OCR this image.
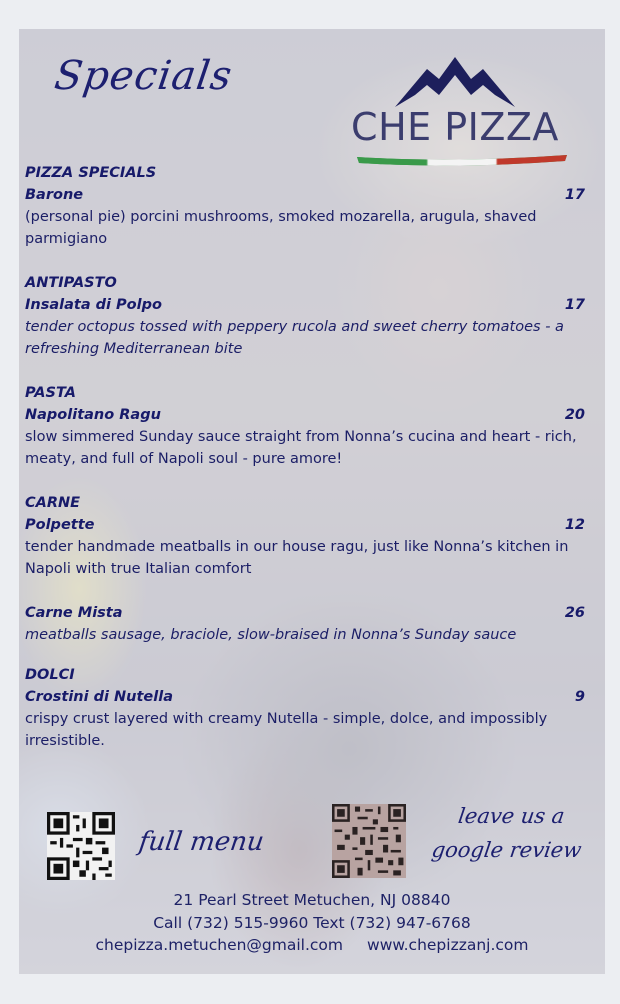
Specials
CHE PIZZA
PIZZA SPECIALS
Barone	17
(personal pie) porcini mushrooms, smoked mozarella, arugula, shaved parmigiano
ANTIPASTO
Insalata di Polpo	17
tender octopus tossed with peppery rucola and sweet cherry tomatoes - a refreshing Mediterranean bite
PASTA
Napolitano Ragu	20
slow simmered Sunday sauce straight from Nonna’s cucina and heart - rich, meaty, and full of Napoli soul - pure amore!
CARNE
Polpette	12
tender handmade meatballs in our house ragu, just like Nonna’s kitchen in Napoli with true Italian comfort
Carne Mista	26
meatballs sausage, braciole, slow-braised in Nonna’s Sunday sauce
DOLCI
Crostini di Nutella	9
crispy crust layered with creamy Nutella - simple, dolce, and impossibly irresistible.
full menu
leave us a
google review
21 Pearl Street Metuchen, NJ 08840
Call (732) 515-9960 Text (732) 947-6768
chepizza.metuchen@gmail.com www.chepizzanj.com
